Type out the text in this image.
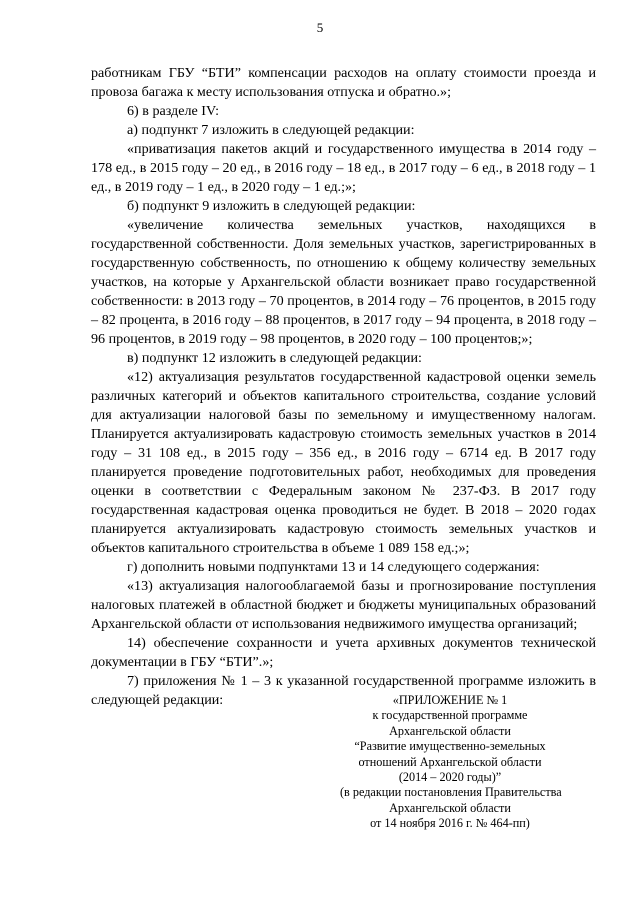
5

работникам ГБУ “БТИ” компенсации расходов на оплату стоимости проезда и провоза багажа к месту использования отпуска и обратно.»;

6) в разделе IV:

а) подпункт 7 изложить в следующей редакции:

«приватизация пакетов акций и государственного имущества в 2014 году – 178 ед., в 2015 году – 20 ед., в 2016 году – 18 ед., в 2017 году – 6 ед., в 2018 году – 1 ед., в 2019 году – 1 ед., в 2020 году – 1 ед.;»;

б) подпункт 9 изложить в следующей редакции:

«увеличение количества земельных участков, находящихся в государственной собственности. Доля земельных участков, зарегистрированных в государственную собственность, по отношению к общему количеству земельных участков, на которые у Архангельской области возникает право государственной собственности: в 2013 году – 70 процентов, в 2014 году – 76 процентов, в 2015 году – 82 процента, в 2016 году – 88 процентов, в 2017 году – 94 процента, в 2018 году – 96 процентов, в 2019 году – 98 процентов, в 2020 году – 100 процентов;»;

в) подпункт 12 изложить в следующей редакции:

«12) актуализация результатов государственной кадастровой оценки земель различных категорий и объектов капитального строительства, создание условий для актуализации налоговой базы по земельному и имущественному налогам. Планируется актуализировать кадастровую стоимость земельных участков в 2014 году – 31 108 ед., в 2015 году – 356 ед., в 2016 году – 6714 ед. В 2017 году планируется проведение подготовительных работ, необходимых для проведения оценки в соответствии с Федеральным законом № 237-ФЗ. В 2017 году государственная кадастровая оценка проводиться не будет. В 2018 – 2020 годах планируется актуализировать кадастровую стоимость земельных участков и объектов капитального строительства в объеме 1 089 158 ед.;»;

г) дополнить новыми подпунктами 13 и 14 следующего содержания:

«13) актуализация налогооблагаемой базы и прогнозирование поступления налоговых платежей в областной бюджет и бюджеты муниципальных образований Архангельской области от использования недвижимого имущества организаций;

14) обеспечение сохранности и учета архивных документов технической документации в ГБУ “БТИ”.»;

7) приложения № 1 – 3 к указанной государственной программе изложить в следующей редакции:	«ПРИЛОЖЕНИЕ № 1
к государственной программе
Архангельской области
“Развитие имущественно-земельных
отношений Архангельской области
(2014 – 2020 годы)”
(в редакции постановления Правительства
Архангельской области
от 14 ноября 2016 г. № 464-пп)
